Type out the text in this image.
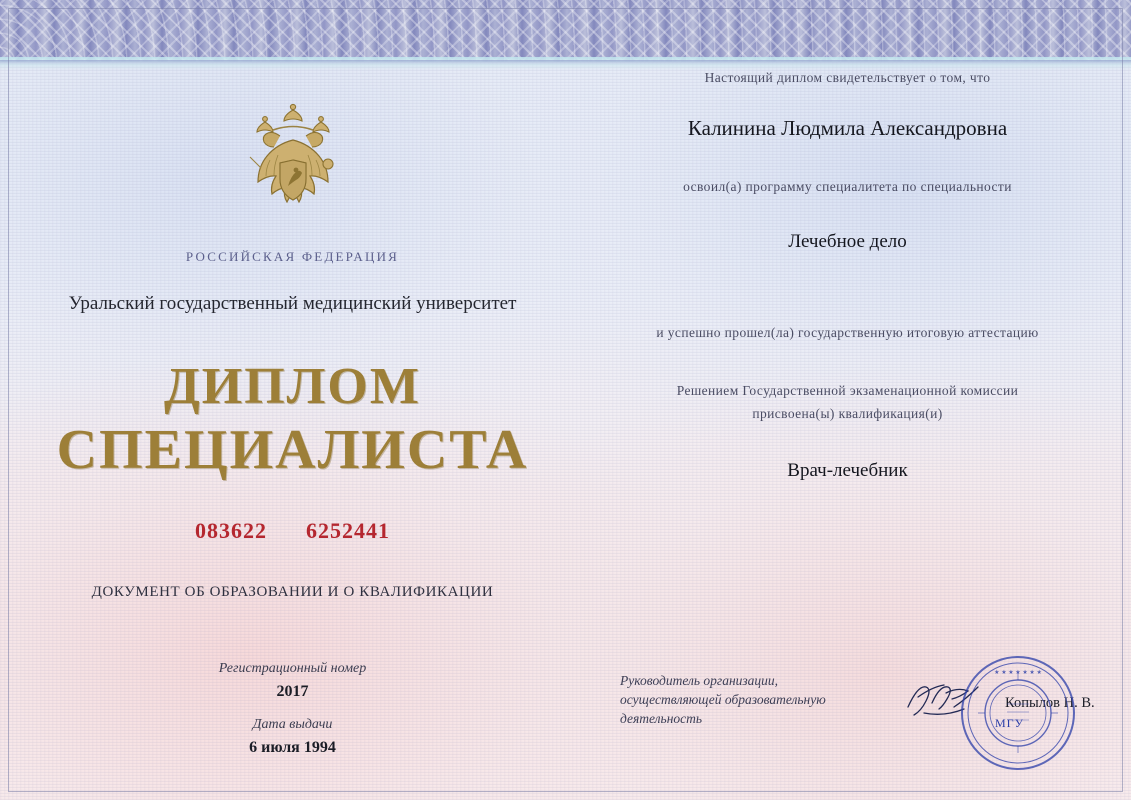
РОССИЙСКАЯ ФЕДЕРАЦИЯ
Уральский государственный медицинский университет
ДИПЛОМ
СПЕЦИАЛИСТА
083622 6252441
ДОКУМЕНТ ОБ ОБРАЗОВАНИИ И О КВАЛИФИКАЦИИ
Регистрационный номер
2017
Дата выдачи
6 июля 1994
Настоящий диплом свидетельствует о том, что
Калинина Людмила Александровна
освоил(а) программу специалитета по специальности
Лечебное дело
и успешно прошел(ла) государственную итоговую аттестацию
Решением Государственной экзаменационной комиссии
присвоена(ы) квалификация(и)
Врач-лечебник
Руководитель организации,
осуществляющей образовательную
деятельность
Копылов Н. В.
★ ★ ★ ★ ★ ★ ★
МГУ
